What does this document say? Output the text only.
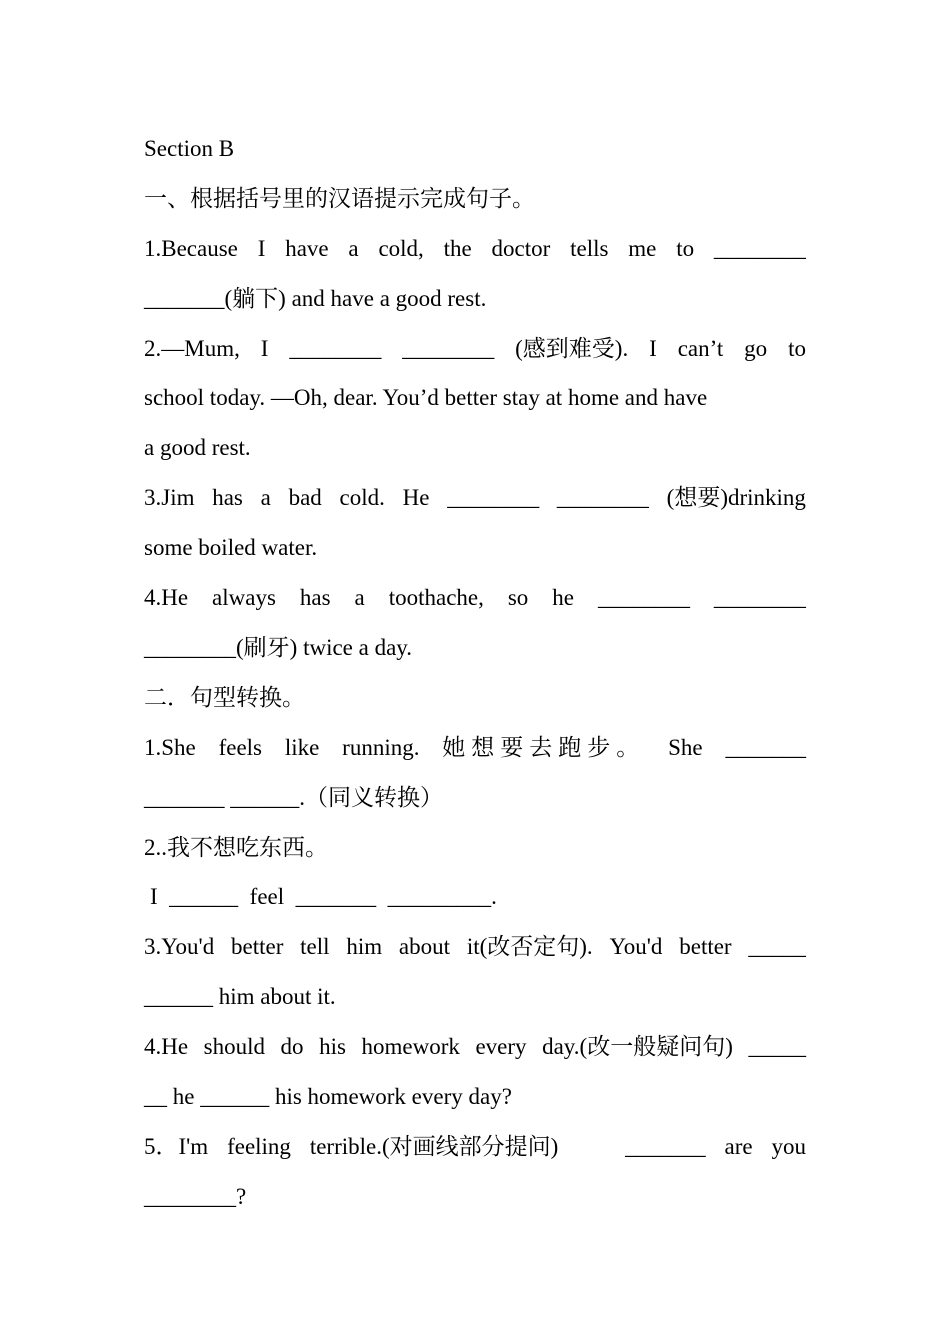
Section B
一、根据括号里的汉语提示完成句子。
1.Because I have a cold, the doctor tells me to ________
_______(躺下) and have a good rest.
2.—Mum, I ________ ________ (感到难受). I can’t go to
school today. —Oh, dear. You’d better stay at home and have
a good rest.
3.Jim has a bad cold. He ________ ________ (想要)drinking
some boiled water.
4.He always has a toothache, so he ________ ________
________(刷牙) twice a day.
二．句型转换。
1.She feels like running. 她想要去跑步。 She _______
_______ ______.（同义转换）
2..我不想吃东西。
I  ______  feel  _______  _________.
3.You'd better tell him about it(改否定句). You'd better _____
______ him about it.
4.He should do his homework every day.(改一般疑问句) _____
__ he ______ his homework every day?
5．I'm feeling terrible.(对画线部分提问)	_______ are you
________?
